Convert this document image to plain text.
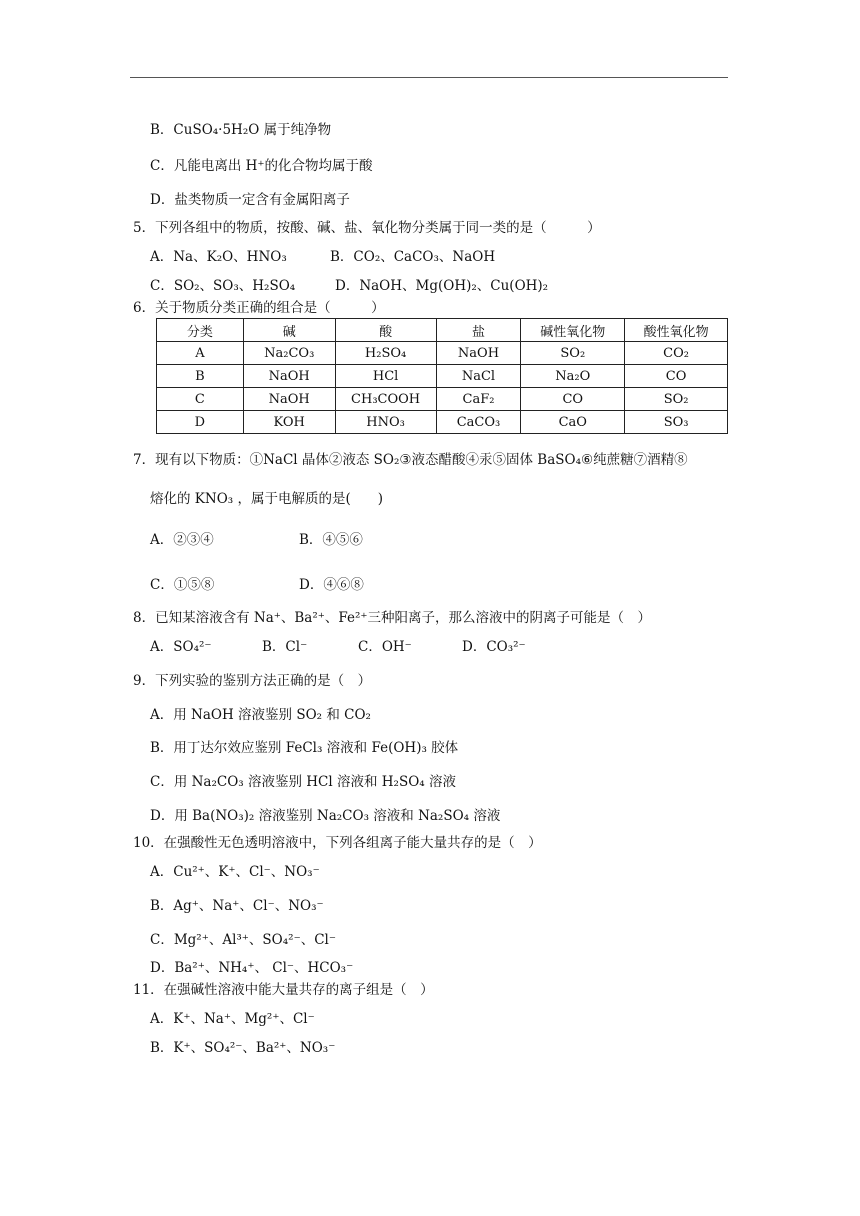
B．CuSO₄·5H₂O 属于纯净物
C．凡能电离出 H⁺的化合物均属于酸
D．盐类物质一定含有金属阳离子
5．下列各组中的物质，按酸、碱、盐、氧化物分类属于同一类的是（　　　）
A．Na、K₂O、HNO₃	B．CO₂、CaCO₃、NaOH
C．SO₂、SO₃、H₂SO₄	D．NaOH、Mg(OH)₂、Cu(OH)₂
6．关于物质分类正确的组合是（　　　）
分类	碱	酸	盐	碱性氧化物	酸性氧化物
A	Na₂CO₃	H₂SO₄	NaOH	SO₂	CO₂
B	NaOH	HCl	NaCl	Na₂O	CO
C	NaOH	CH₃COOH	CaF₂	CO	SO₂
D	KOH	HNO₃	CaCO₃	CaO	SO₃
7．现有以下物质：①NaCl 晶体②液态 SO₂③液态醋酸④汞⑤固体 BaSO₄⑥纯蔗糖⑦酒精⑧
熔化的 KNO₃ ，属于电解质的是(　　)
A．②③④	B．④⑤⑥
C．①⑤⑧	D．④⑥⑧
8．已知某溶液含有 Na⁺、Ba²⁺、Fe²⁺三种阳离子，那么溶液中的阴离子可能是（　）
A．SO₄²⁻	B．Cl⁻	C．OH⁻	D．CO₃²⁻
9．下列实验的鉴别方法正确的是（　）
A．用 NaOH 溶液鉴别 SO₂ 和 CO₂
B．用丁达尔效应鉴别 FeCl₃ 溶液和 Fe(OH)₃ 胶体
C．用 Na₂CO₃ 溶液鉴别 HCl 溶液和 H₂SO₄ 溶液
D．用 Ba(NO₃)₂ 溶液鉴别 Na₂CO₃ 溶液和 Na₂SO₄ 溶液
10．在强酸性无色透明溶液中，下列各组离子能大量共存的是（　）
A．Cu²⁺、K⁺、Cl⁻、NO₃⁻
B．Ag⁺、Na⁺、Cl⁻、NO₃⁻
C．Mg²⁺、Al³⁺、SO₄²⁻、Cl⁻
D．Ba²⁺、NH₄⁺、 Cl⁻、HCO₃⁻
11．在强碱性溶液中能大量共存的离子组是（　）
A．K⁺、Na⁺、Mg²⁺、Cl⁻
B．K⁺、SO₄²⁻、Ba²⁺、NO₃⁻
